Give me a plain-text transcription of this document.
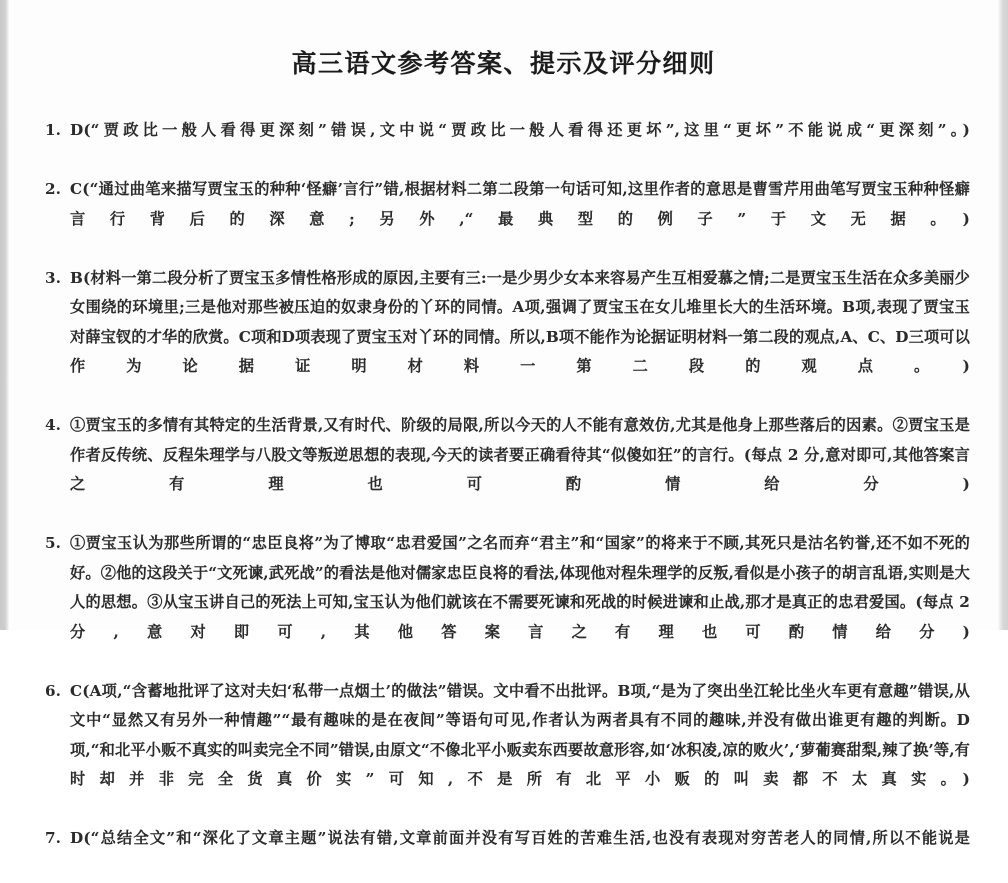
高三语文参考答案、提示及评分细则
1. D(“贾政比一般人看得更深刻”错误,文中说“贾政比一般人看得还更坏”,这里“更坏”不能说成“更深刻”。)
2. C(“通过曲笔来描写贾宝玉的种种‘怪癖’言行”错,根据材料二第二段第一句话可知,这里作者的意思是曹雪芹用曲笔写贾宝玉种种怪癖言行背后的深意;另外,“最典型的例子”于文无据。)
3. B(材料一第二段分析了贾宝玉多情性格形成的原因,主要有三:一是少男少女本来容易产生互相爱慕之情;二是贾宝玉生活在众多美丽少女围绕的环境里;三是他对那些被压迫的奴隶身份的丫环的同情。A项,强调了贾宝玉在女儿堆里长大的生活环境。B项,表现了贾宝玉对薛宝钗的才华的欣赏。C项和D项表现了贾宝玉对丫环的同情。所以,B项不能作为论据证明材料一第二段的观点,A、C、D三项可以作为论据证明材料一第二段的观点。)
4. ①贾宝玉的多情有其特定的生活背景,又有时代、阶级的局限,所以今天的人不能有意效仿,尤其是他身上那些落后的因素。②贾宝玉是作者反传统、反程朱理学与八股文等叛逆思想的表现,今天的读者要正确看待其“似傻如狂”的言行。(每点 2 分,意对即可,其他答案言之有理也可酌情给分)
5. ①贾宝玉认为那些所谓的“忠臣良将”为了博取“忠君爱国”之名而弃“君主”和“国家”的将来于不顾,其死只是沽名钓誉,还不如不死的好。②他的这段关于“文死谏,武死战”的看法是他对儒家忠臣良将的看法,体现他对程朱理学的反叛,看似是小孩子的胡言乱语,实则是大人的思想。③从宝玉讲自己的死法上可知,宝玉认为他们就该在不需要死谏和死战的时候进谏和止战,那才是真正的忠君爱国。(每点 2 分,意对即可,其他答案言之有理也可酌情给分)
6. C(A项,“含蓄地批评了这对夫妇‘私带一点烟土’的做法”错误。文中看不出批评。B项,“是为了突出坐江轮比坐火车更有意趣”错误,从文中“显然又有另外一种情趣”“最有趣味的是在夜间”等语句可见,作者认为两者具有不同的趣味,并没有做出谁更有趣的判断。D项,“和北平小贩不真实的叫卖完全不同”错误,由原文“不像北平小贩卖东西要故意形容,如‘冰积凌,凉的败火’,‘萝葡赛甜梨,辣了换’等,有时却并非完全货真价实”可知,不是所有北平小贩的叫卖都不太真实。)
7. D(“总结全文”和“深化了文章主题”说法有错,文章前面并没有写百姓的苦难生活,也没有表现对穷苦老人的同情,所以不能说是
